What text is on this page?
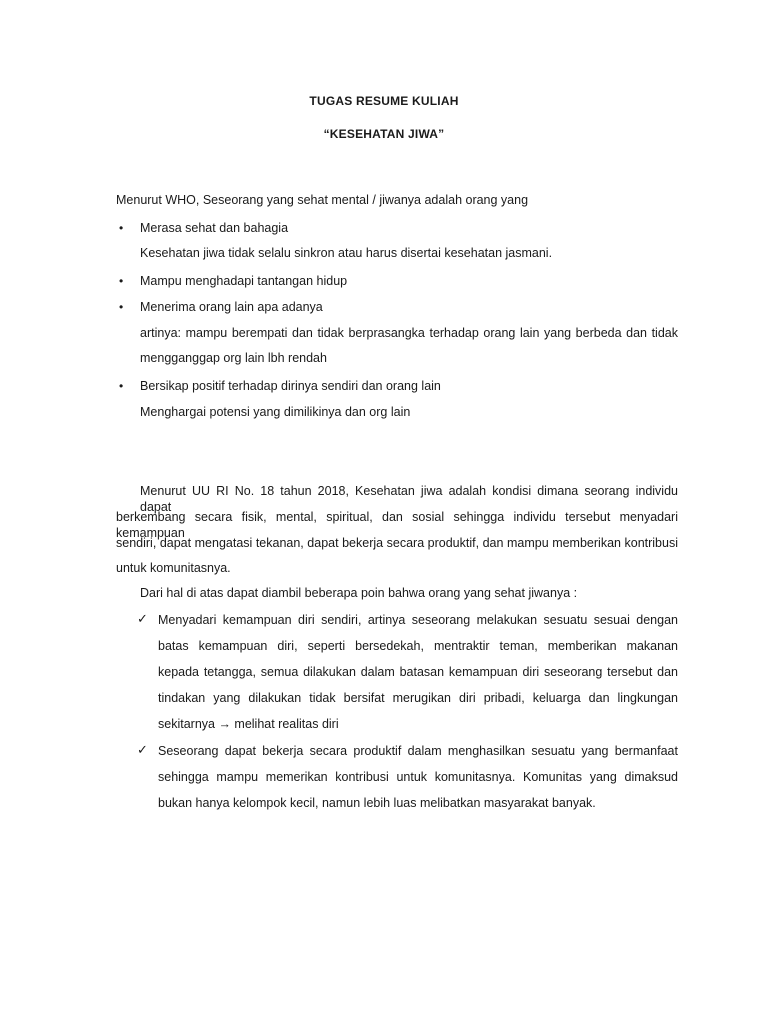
TUGAS RESUME KULIAH
“KESEHATAN JIWA”
Menurut WHO, Seseorang yang sehat mental / jiwanya adalah orang yang
• Merasa sehat dan bahagia
Kesehatan jiwa tidak selalu sinkron atau harus disertai kesehatan jasmani.
• Mampu menghadapi tantangan hidup
• Menerima orang lain apa adanya
artinya: mampu berempati dan tidak berprasangka terhadap orang lain yang berbeda dan tidak
mengganggap org lain lbh rendah
• Bersikap positif terhadap dirinya sendiri dan orang lain
Menghargai potensi yang dimilikinya dan org lain
Menurut UU RI No. 18 tahun 2018, Kesehatan jiwa adalah kondisi dimana seorang individu dapat
berkembang secara fisik, mental, spiritual, dan sosial sehingga individu tersebut menyadari kemampuan
sendiri, dapat mengatasi tekanan, dapat bekerja secara produktif, dan mampu memberikan kontribusi
untuk komunitasnya.
Dari hal di atas dapat diambil beberapa poin bahwa orang yang sehat jiwanya :
✓ Menyadari kemampuan diri sendiri, artinya seseorang melakukan sesuatu sesuai dengan
batas kemampuan diri, seperti bersedekah, mentraktir teman, memberikan makanan
kepada tetangga, semua dilakukan dalam batasan kemampuan diri seseorang tersebut dan
tindakan yang dilakukan tidak bersifat merugikan diri pribadi, keluarga dan lingkungan
sekitarnya → melihat realitas diri
✓ Seseorang dapat bekerja secara produktif dalam menghasilkan sesuatu yang bermanfaat
sehingga mampu memerikan kontribusi untuk komunitasnya. Komunitas yang dimaksud
bukan hanya kelompok kecil, namun lebih luas melibatkan masyarakat banyak.
